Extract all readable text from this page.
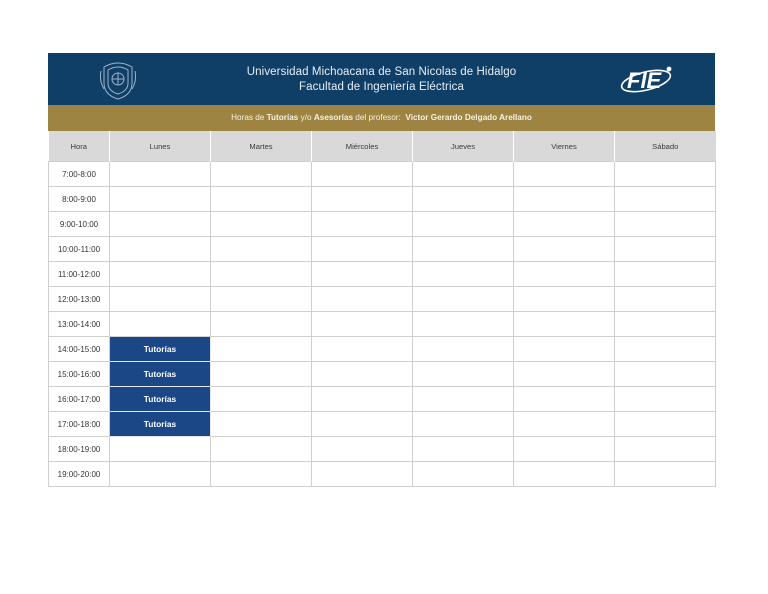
Universidad Michoacana de San Nicolas de Hidalgo
Facultad de Ingeniería Eléctrica	FIE
Horas de Tutorías y/o Asesorías del profesor: Victor Gerardo Delgado Arellano
Hora	Lunes	Martes	Miércoles	Jueves	Viernes	Sábado
7:00-8:00						
8:00-9:00						
9:00-10:00						
10:00-11:00						
11:00-12:00						
12:00-13:00						
13:00-14:00						
14:00-15:00	Tutorías					
15:00-16:00	Tutorías					
16:00-17:00	Tutorías					
17:00-18:00	Tutorías					
18:00-19:00						
19:00-20:00						
